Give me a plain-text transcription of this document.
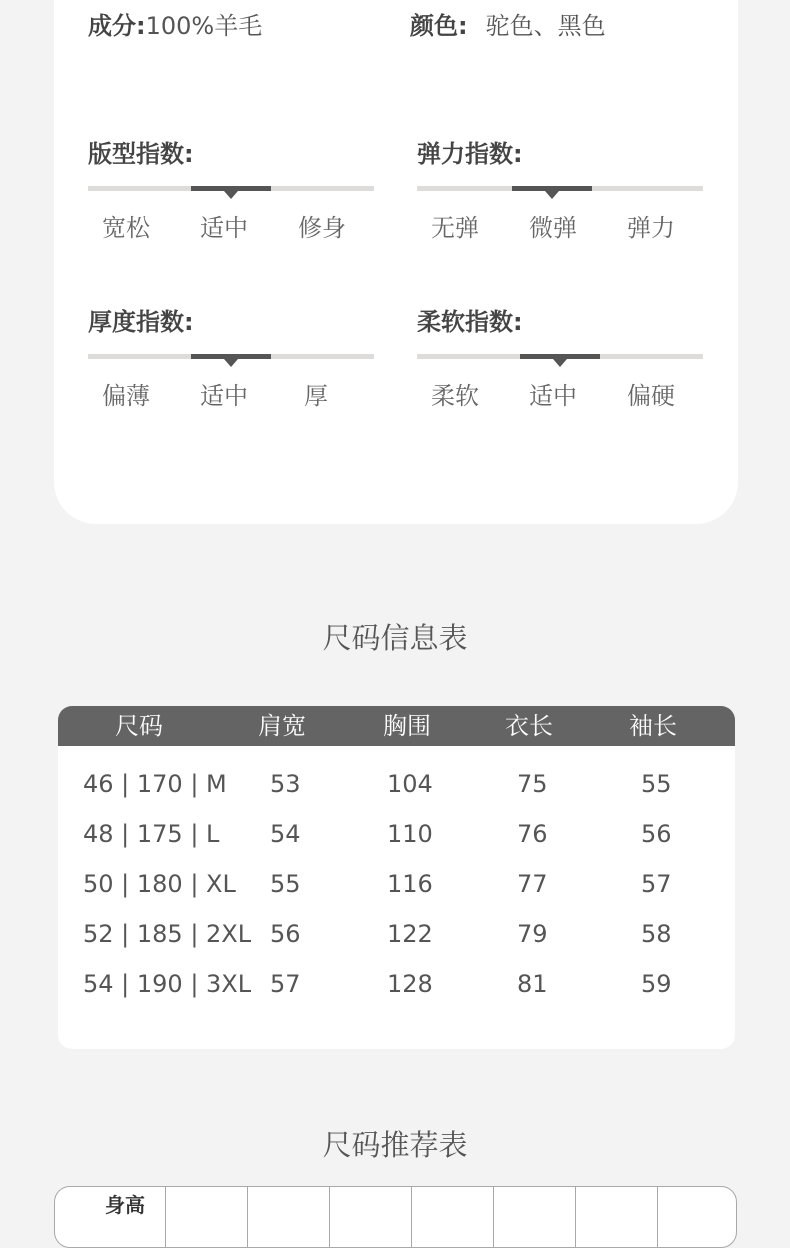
成分:100%羊毛	颜色: 驼色、黑色
版型指数:
宽松 适中 修身
弹力指数:
无弹 微弹 弹力
厚度指数:
偏薄 适中 厚
柔软指数:
柔软 适中 偏硬
尺码信息表
尺码	肩宽	胸围	衣长	袖长
46 | 170 | M 53	104	75	55
48 | 175 | L 54	110	76	56
50 | 180 | XL 55	116	77	57
52 | 185 | 2XL 56	122	79	58
54 | 190 | 3XL 57	128	81	59
尺码推荐表
身高
